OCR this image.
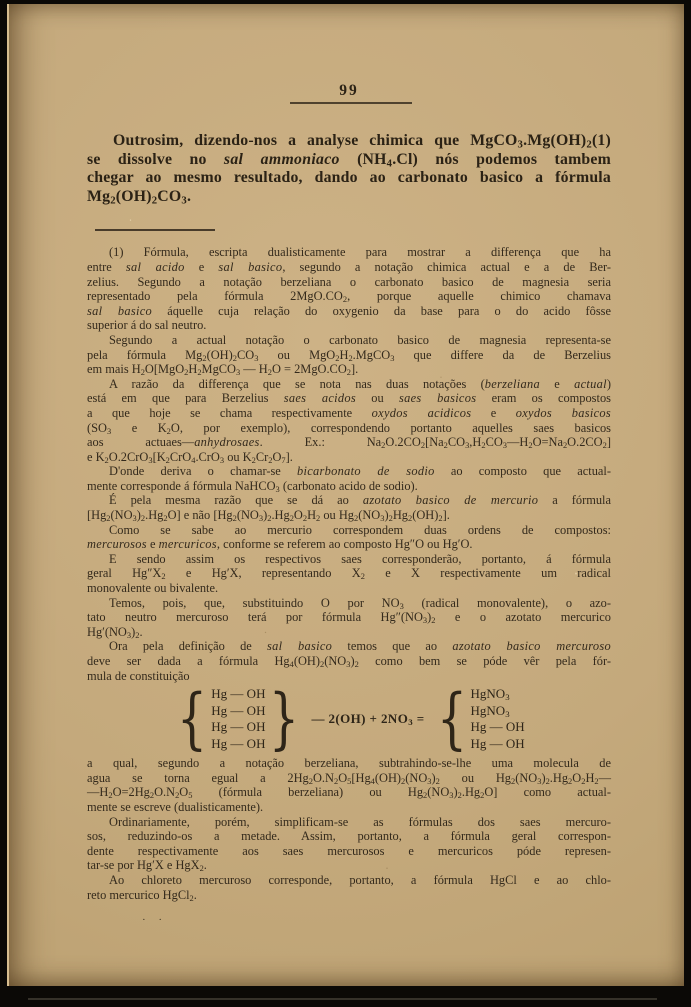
99
Outrosim, dizendo-nos a analyse chimica que $MgCO_3.Mg(OH)_2(1)$
se dissolve no sal ammoniaco $(NH_4.Cl)$ nós podemos tambem
chegar ao mesmo resultado, dando ao carbonato basico a fórmula
$Mg_2(OH)_2CO_3$.
(1) Fórmula, escripta dualisticamente para mostrar a differença que ha
entre sal acido e sal basico, segundo a notação chimica actual e a de Ber-
zelius. Segundo a notação berzeliana o carbonato basico de magnesia seria
representado pela fórmula $2MgO.CO_2$, porque aquelle chimico chamava
sal basico áquelle cuja relação do oxygenio da base para o do acido fôsse
superior á do sal neutro.
Segundo a actual notação o carbonato basico de magnesia representa-se
pela fórmula $Mg_2(OH)_2CO_3$ ou $MgO_2H_2.MgCO_3$ que differe da de Berzelius
em mais $H_2O[MgO_2H_2MgCO_3$ — $H_2O = 2MgO.CO_2$].
A razão da differença que se nota nas duas notações (berzeliana e actual)
está em que para Berzelius saes acidos ou saes basicos eram os compostos
a que hoje se chama respectivamente oxydos acidicos e oxydos basicos
($SO_3$ e $K_2O$, por exemplo), correspondendo portanto aquelles saes basicos
aos actuaes—anhydrosaes. Ex.: $Na_2O.2CO_2[Na_2CO_3,H_2CO_3—H_2O=Na_2O.2CO_2]$
e $K_2O.2CrO_3[K_2CrO_4.CrO_3$ ou $K_2Cr_2O_7$].
D'onde deriva o chamar-se bicarbonato de sodio ao composto que actual-
mente corresponde á fórmula NaHCO$_3$ (carbonato acido de sodio).
É pela mesma razão que se dá ao azotato basico de mercurio a fórmula
$[Hg_2(NO_3)_2.Hg_2O]$ e não [$Hg_2(NO_3)_2.Hg_2O_2H_2$ ou $Hg_2(NO_3)_2Hg_2(OH)_2$].
Como se sabe ao mercurio correspondem duas ordens de compostos:
mercurosos e mercuricos, conforme se referem ao composto Hg″O ou Hg′O.
E sendo assim os respectivos saes corresponderão, portanto, á fórmula
geral $Hg''X_2$ e Hg′X, representando $X_2$ e X respectivamente um radical
monovalente ou bivalente.
Temos, pois, que, substituindo O por $NO_3$ (radical monovalente), o azo-
tato neutro mercuroso terá por fórmula $Hg''(NO_3)_2$ e o azotato mercurico
$Hg'(NO_3)_2$.
Ora pela definição de sal basico temos que ao azotato basico mercuroso
deve ser dada a fórmula $Hg_4(OH)_2(NO_3)_2$ como bem se póde vêr pela fór-
mula de constituição
{ Hg — OH
Hg — OH
Hg — OH
Hg — OH } — $2(OH) + 2NO_3$ = { HgNO$_3$
HgNO$_3$
Hg — OH
Hg — OH
a qual, segundo a notação berzeliana, subtrahindo-se-lhe uma molecula de
agua se torna egual a $2Hg_2O.N_2O_5[Hg_4(OH)_2(NO_3)_2$ ou $Hg_2(NO_3)_2.Hg_2O_2H_2—$
$—H_2O=2Hg_2O.N_2O_5$ (fórmula berzeliana) ou $Hg_2(NO_3)_2.Hg_2O$] como actual-
mente se escreve (dualisticamente).
Ordinariamente, porém, simplificam-se as fórmulas dos saes mercuro-
sos, reduzindo-os a metade. Assim, portanto, a fórmula geral correspon-
dente respectivamente aos saes mercurosos e mercuricos póde represen-
tar-se por Hg′X e HgX$_2$.
Ao chloreto mercuroso corresponde, portanto, a fórmula HgCl e ao chlo-
reto mercurico HgCl$_2$.
· ·
